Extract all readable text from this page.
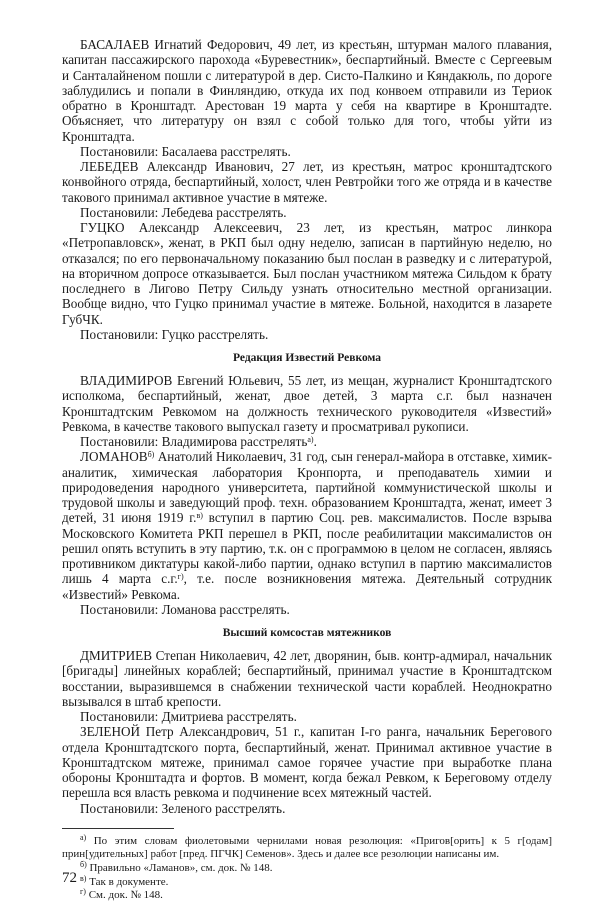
БАСАЛАЕВ Игнатий Федорович, 49 лет, из крестьян, штурман малого плавания, капитан пассажирского парохода «Буревестник», беспартийный. Вместе с Сергеевым и Санталайненом пошли с литературой в дер. Систо-Палкино и Кяндакюль, по дороге заблудились и попали в Финляндию, откуда их под конвоем отправили из Териок обратно в Кронштадт. Арестован 19 марта у себя на квартире в Кронштадте. Объясняет, что литературу он взял с собой только для того, чтобы уйти из Кронштадта.

Постановили: Басалаева расстрелять.

ЛЕБЕДЕВ Александр Иванович, 27 лет, из крестьян, матрос кронштадтского конвойного отряда, беспартийный, холост, член Ревтройки того же отряда и в качестве такового принимал активное участие в мятеже.

Постановили: Лебедева расстрелять.

ГУЦКО Александр Алексеевич, 23 лет, из крестьян, матрос линкора «Петропавловск», женат, в РКП был одну неделю, записан в партийную неделю, но отказался; по его первоначальному показанию был послан в разведку и с литературой, на вторичном допросе отказывается. Был послан участником мятежа Сильдом к брату последнего в Лигово Петру Сильду узнать относительно местной организации. Вообще видно, что Гуцко принимал участие в мятеже. Больной, находится в лазарете ГубЧК.

Постановили: Гуцко расстрелять.

Редакция Известий Ревкома

ВЛАДИМИРОВ Евгений Юльевич, 55 лет, из мещан, журналист Кронштадтского исполкома, беспартийный, женат, двое детей, 3 марта с.г. был назначен Кронштадтским Ревкомом на должность технического руководителя «Известий» Ревкома, в качестве такового выпускал газету и просматривал рукописи.

Постановили: Владимирова расстрелять$^{а)}$.

$ЛОМАНОВ^{б)}$ Анатолий Николаевич, 31 год, сын генерал-майора в отставке, химик-аналитик, химическая лаборатория Кронпорта, и преподаватель химии и природоведения народного университета, партийной коммунистической школы и трудовой школы и заведующий проф. техн. образованием Кронштадта, женат, имеет 3 детей, 31 июня 1919 г.$^{в)}$ вступил в партию Соц. рев. максималистов. После взрыва Московского Комитета РКП перешел в РКП, после реабилитации максималистов он решил опять вступить в эту партию, т.к. он с программою в целом не согласен, являясь противником диктатуры какой-либо партии, однако вступил в партию максималистов лишь 4 марта с.г.$^{г)}$, т.е. после возникновения мятежа. Деятельный сотрудник «Известий» Ревкома.

Постановили: Ломанова расстрелять.

Высший комсостав мятежников

ДМИТРИЕВ Степан Николаевич, 42 лет, дворянин, быв. контр-адмирал, начальник [бригады] линейных кораблей; беспартийный, принимал участие в Кронштадтском восстании, выразившемся в снабжении технической части кораблей. Неоднократно вызывался в штаб крепости.

Постановили: Дмитриева расстрелять.

ЗЕЛЕНОЙ Петр Александрович, 51 г., капитан I-го ранга, начальник Берегового отдела Кронштадтского порта, беспартийный, женат. Принимал активное участие в Кронштадтском мятеже, принимал самое горячее участие при выработке плана обороны Кронштадта и фортов. В момент, когда бежал Ревком, к Береговому отделу перешла вся власть ревкома и подчинение всех мятежный частей.

Постановили: Зеленого расстрелять.

$^{а)}$ По этим словам фиолетовыми чернилами новая резолюция: «Пригов[орить] к 5 г[одам] прин[удительных] работ [пред. ПГЧК] Семенов». Здесь и далее все резолюции написаны им.

$^{б)}$ Правильно «Ламанов», см. док. № 148.

$^{в)}$ Так в документе.

$^{г)}$ См. док. № 148.

72
